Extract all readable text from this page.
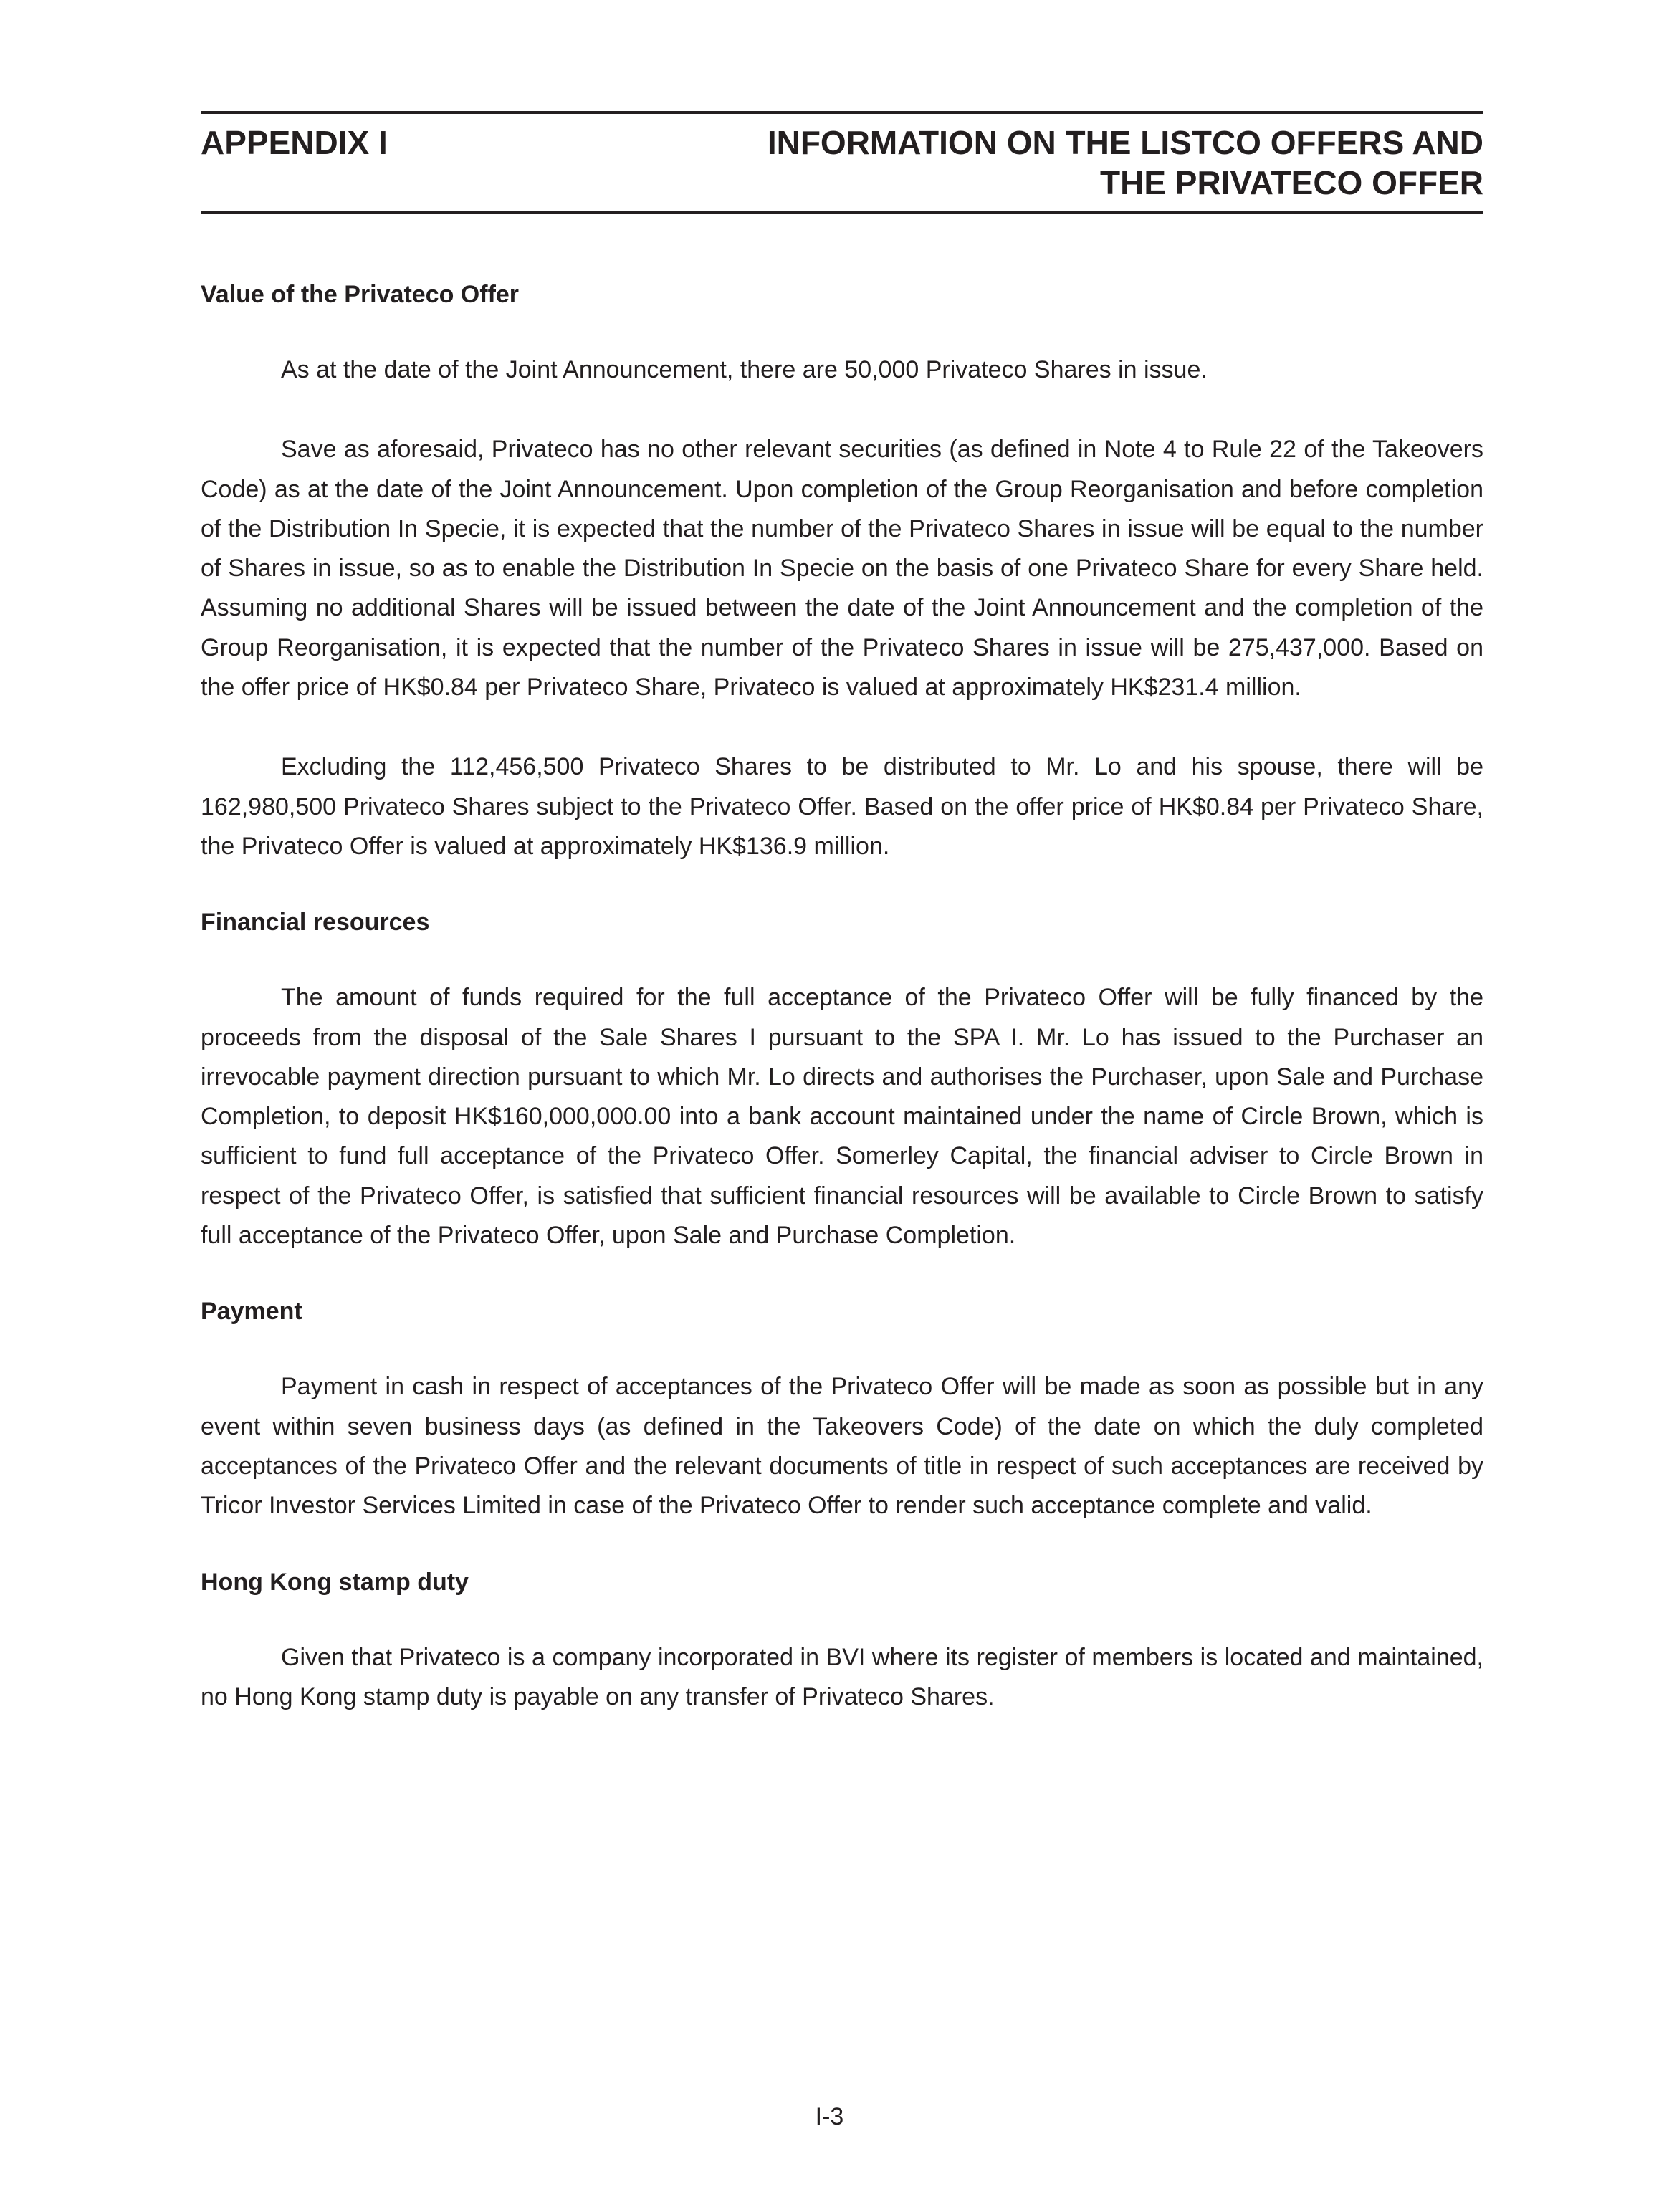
APPENDIX I	INFORMATION ON THE LISTCO OFFERS AND
THE PRIVATECO OFFER
Value of the Privateco Offer

As at the date of the Joint Announcement, there are 50,000 Privateco Shares in issue.

Save as aforesaid, Privateco has no other relevant securities (as defined in Note 4 to Rule 22 of the Takeovers Code) as at the date of the Joint Announcement. Upon completion of the Group Reorganisation and before completion of the Distribution In Specie, it is expected that the number of the Privateco Shares in issue will be equal to the number of Shares in issue, so as to enable the Distribution In Specie on the basis of one Privateco Share for every Share held. Assuming no additional Shares will be issued between the date of the Joint Announcement and the completion of the Group Reorganisation, it is expected that the number of the Privateco Shares in issue will be 275,437,000. Based on the offer price of HK$0.84 per Privateco Share, Privateco is valued at approximately HK$231.4 million.

Excluding the 112,456,500 Privateco Shares to be distributed to Mr. Lo and his spouse, there will be 162,980,500 Privateco Shares subject to the Privateco Offer. Based on the offer price of HK$0.84 per Privateco Share, the Privateco Offer is valued at approximately HK$136.9 million.

Financial resources

The amount of funds required for the full acceptance of the Privateco Offer will be fully financed by the proceeds from the disposal of the Sale Shares I pursuant to the SPA I. Mr. Lo has issued to the Purchaser an irrevocable payment direction pursuant to which Mr. Lo directs and authorises the Purchaser, upon Sale and Purchase Completion, to deposit HK$160,000,000.00 into a bank account maintained under the name of Circle Brown, which is sufficient to fund full acceptance of the Privateco Offer. Somerley Capital, the financial adviser to Circle Brown in respect of the Privateco Offer, is satisfied that sufficient financial resources will be available to Circle Brown to satisfy full acceptance of the Privateco Offer, upon Sale and Purchase Completion.

Payment

Payment in cash in respect of acceptances of the Privateco Offer will be made as soon as possible but in any event within seven business days (as defined in the Takeovers Code) of the date on which the duly completed acceptances of the Privateco Offer and the relevant documents of title in respect of such acceptances are received by Tricor Investor Services Limited in case of the Privateco Offer to render such acceptance complete and valid.

Hong Kong stamp duty

Given that Privateco is a company incorporated in BVI where its register of members is located and maintained, no Hong Kong stamp duty is payable on any transfer of Privateco Shares.

I-3
